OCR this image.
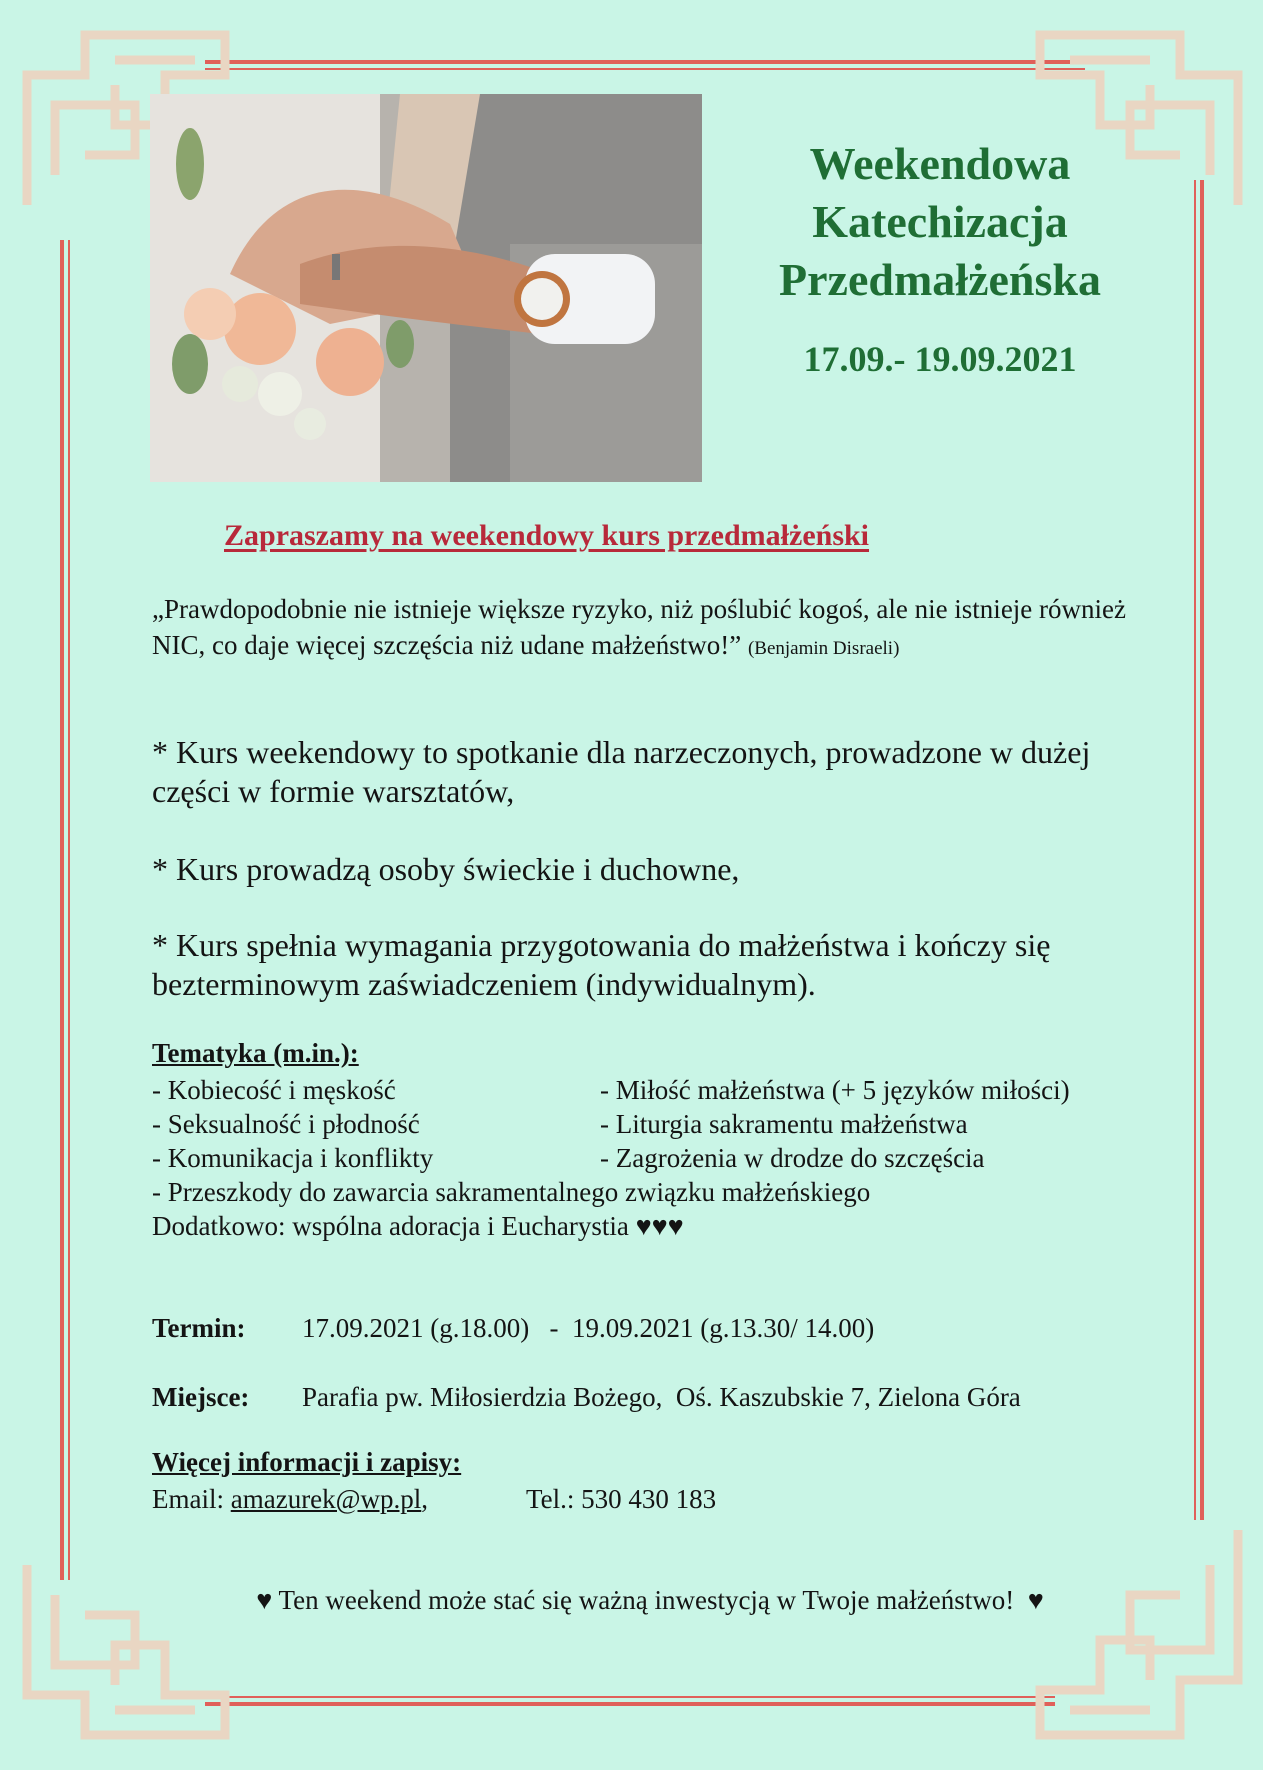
Weekendowa
Katechizacja
Przedmałżeńska
17.09.- 19.09.2021
Zapraszamy na weekendowy kurs przedmałżeński
„Prawdopodobnie nie istnieje większe ryzyko, niż poślubić kogoś, ale nie istnieje również NIC, co daje więcej szczęścia niż udane małżeństwo!” (Benjamin Disraeli)
* Kurs weekendowy to spotkanie dla narzeczonych, prowadzone w dużej części w formie warsztatów,
* Kurs prowadzą osoby świeckie i duchowne,
* Kurs spełnia wymagania przygotowania do małżeństwa i kończy się bezterminowym zaświadczeniem (indywidualnym).
Tematyka (m.in.):
- Kobiecość i męskość
- Seksualność i płodność
- Komunikacja i konflikty
- Miłość małżeństwa (+ 5 języków miłości)
- Liturgia sakramentu małżeństwa
- Zagrożenia w drodze do szczęścia
- Przeszkody do zawarcia sakramentalnego związku małżeńskiego
Dodatkowo: wspólna adoracja i Eucharystia ♥♥♥
Termin: 17.09.2021 (g.18.00)   -  19.09.2021 (g.13.30/ 14.00)
Miejsce: Parafia pw. Miłosierdzia Bożego,  Oś. Kaszubskie 7, Zielona Góra
Więcej informacji i zapisy:
Email: amazurek@wp.pl,	Tel.: 530 430 183
♥ Ten weekend może stać się ważną inwestycją w Twoje małżeństwo!  ♥
